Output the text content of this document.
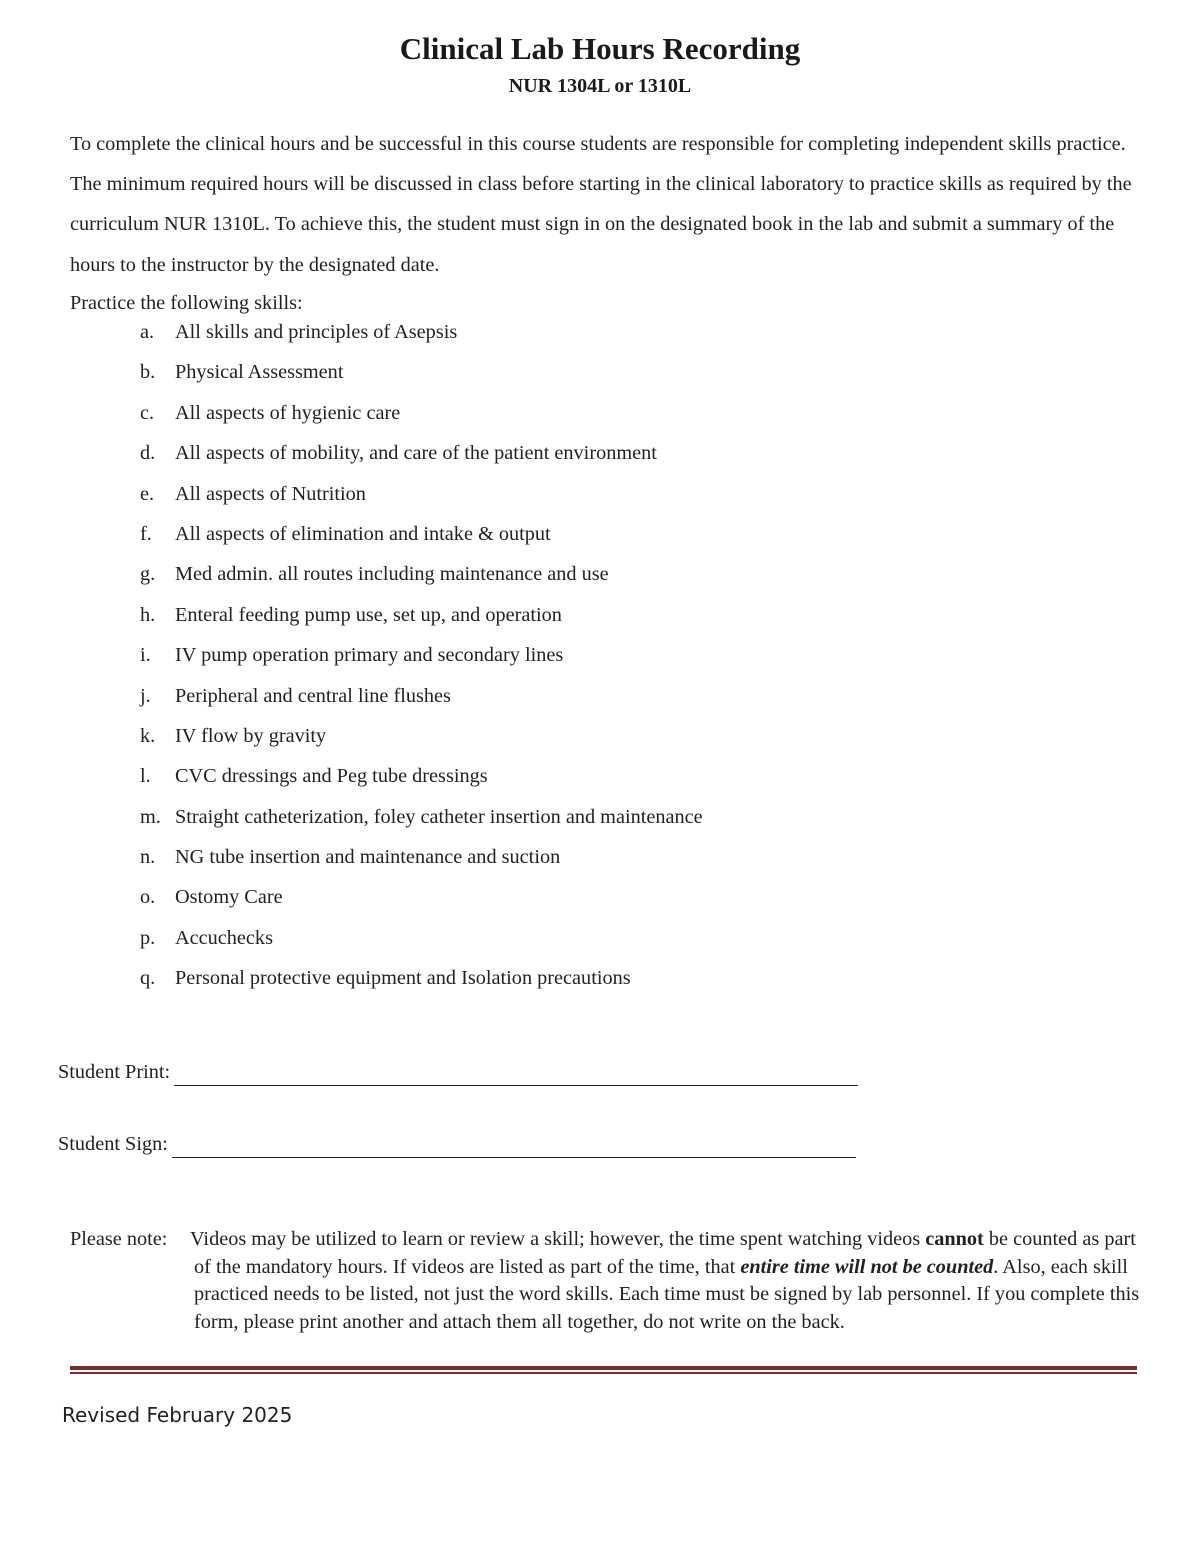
Clinical Lab Hours Recording
NUR 1304L or 1310L

To complete the clinical hours and be successful in this course students are responsible for completing independent skills practice. The minimum required hours will be discussed in class before starting in the clinical laboratory to practice skills as required by the curriculum NUR 1310L. To achieve this, the student must sign in on the designated book in the lab and submit a summary of the hours to the instructor by the designated date.

Practice the following skills:

a. All skills and principles of Asepsis
b. Physical Assessment
c. All aspects of hygienic care
d. All aspects of mobility, and care of the patient environment
e. All aspects of Nutrition
f. All aspects of elimination and intake & output
g. Med admin. all routes including maintenance and use
h. Enteral feeding pump use, set up, and operation
i. IV pump operation primary and secondary lines
j. Peripheral and central line flushes
k. IV flow by gravity
l. CVC dressings and Peg tube dressings
m. Straight catheterization, foley catheter insertion and maintenance
n. NG tube insertion and maintenance and suction
o. Ostomy Care
p. Accuchecks
q. Personal protective equipment and Isolation precautions
Student Print:
Student Sign:
Please note: Videos may be utilized to learn or review a skill; however, the time spent watching videos cannot be counted as part of the mandatory hours. If videos are listed as part of the time, that entire time will not be counted. Also, each skill practiced needs to be listed, not just the word skills. Each time must be signed by lab personnel. If you complete this form, please print another and attach them all together, do not write on the back.
Revised February 2025
